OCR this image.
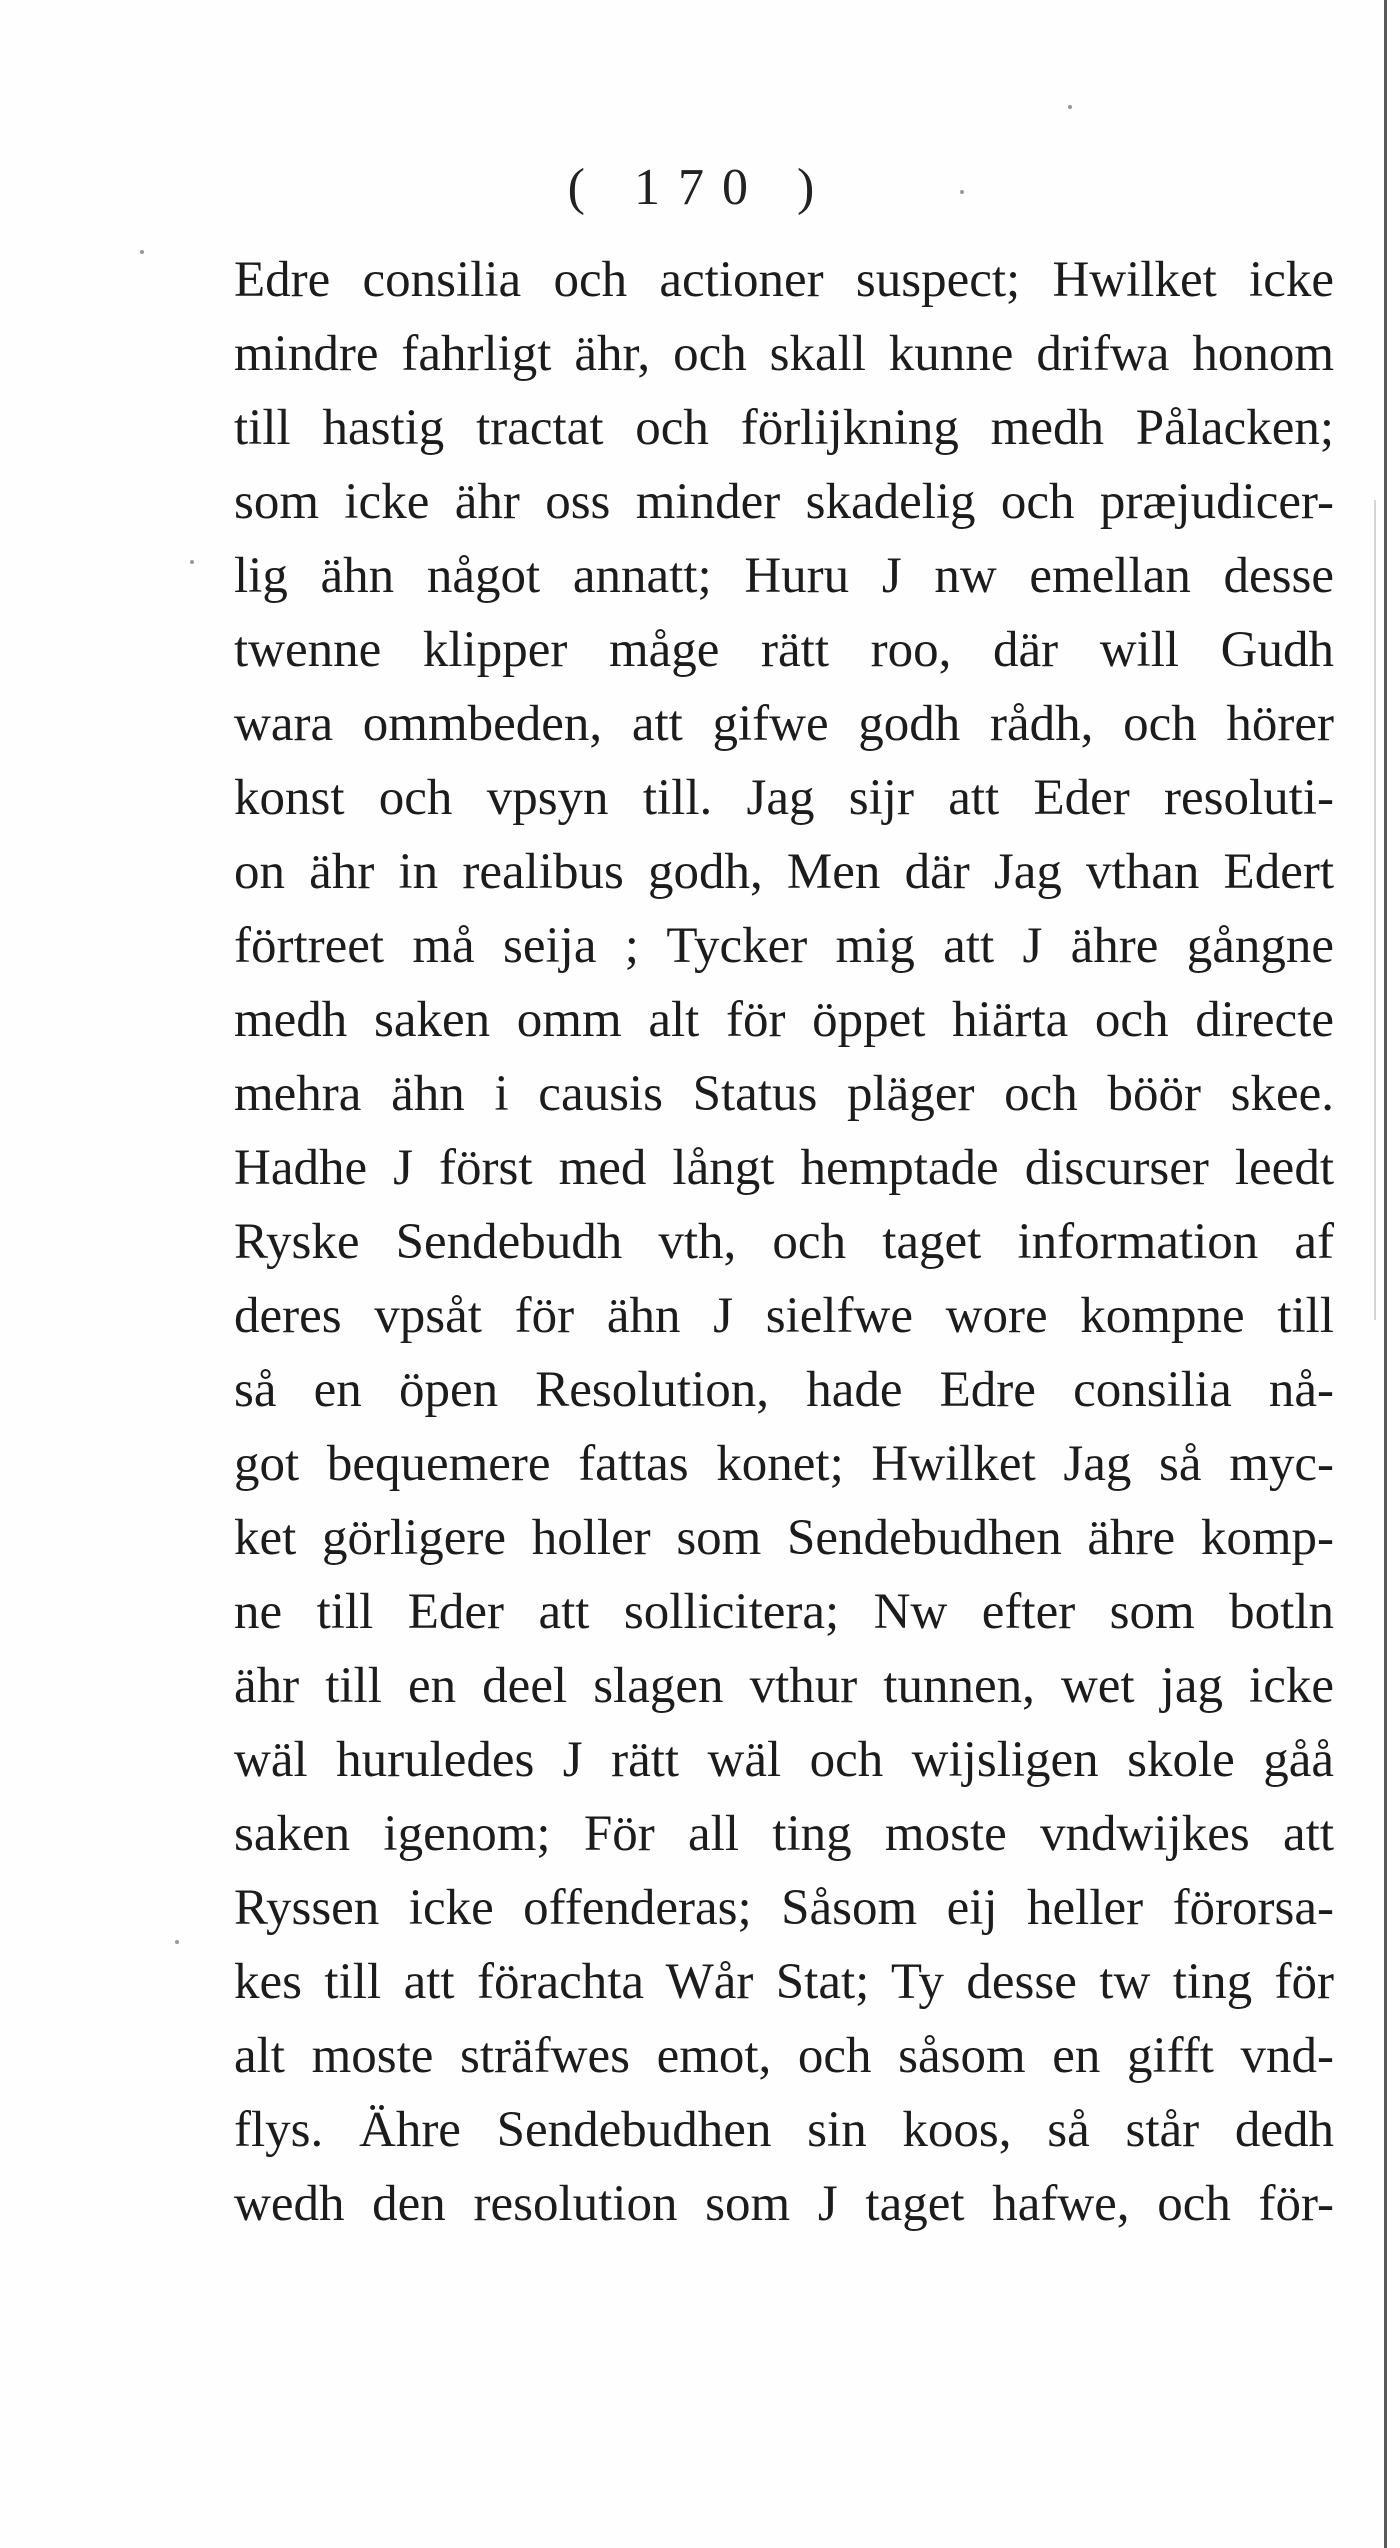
( 170 )
Edre consilia och actioner suspect; Hwilket icke
mindre fahrligt ähr, och skall kunne drifwa honom
till hastig tractat och förlijkning medh Pålacken;
som icke ähr oss minder skadelig och præjudicer-
lig ähn något annatt; Huru J nw emellan desse
twenne klipper måge rätt roo, där will Gudh
wara ommbeden, att gifwe godh rådh, och hörer
konst och vpsyn till. Jag sijr att Eder resoluti-
on ähr in realibus godh, Men där Jag vthan Edert
förtreet må seija ; Tycker mig att J ähre gångne
medh saken omm alt för öppet hiärta och directe
mehra ähn i causis Status pläger och böör skee.
Hadhe J först med långt hemptade discurser leedt
Ryske Sendebudh vth, och taget information af
deres vpsåt för ähn J sielfwe wore kompne till
så en öpen Resolution, hade Edre consilia nå-
got bequemere fattas konet; Hwilket Jag så myc-
ket görligere holler som Sendebudhen ähre komp-
ne till Eder att sollicitera; Nw efter som botln
ähr till en deel slagen vthur tunnen, wet jag icke
wäl huruledes J rätt wäl och wijsligen skole gåå
saken igenom; För all ting moste vndwijkes att
Ryssen icke offenderas; Såsom eij heller förorsa-
kes till att förachta Wår Stat; Ty desse tw ting för
alt moste sträfwes emot, och såsom en gifft vnd-
flys. Ähre Sendebudhen sin koos, så står dedh
wedh den resolution som J taget hafwe, och för-
